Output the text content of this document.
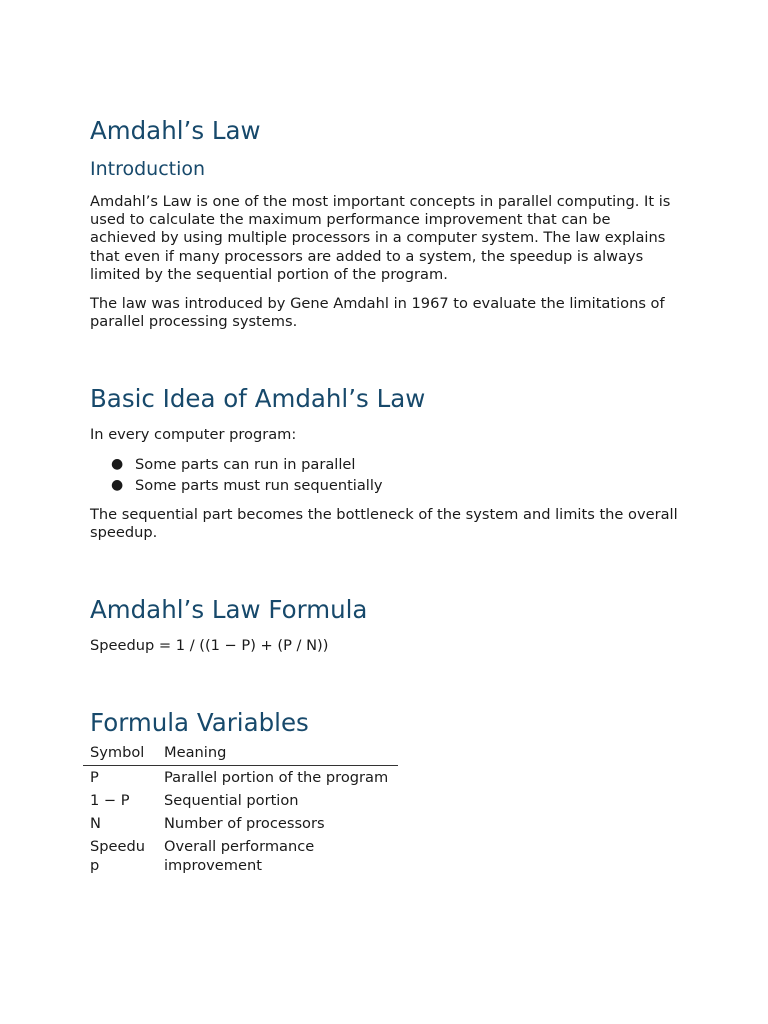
Amdahl’s Law
Introduction

Amdahl’s Law is one of the most important concepts in parallel computing. It is used to calculate the maximum performance improvement that can be achieved by using multiple processors in a computer system. The law explains that even if many processors are added to a system, the speedup is always limited by the sequential portion of the program.

The law was introduced by Gene Amdahl in 1967 to evaluate the limitations of parallel processing systems.

Basic Idea of Amdahl’s Law

In every computer program:

● Some parts can run in parallel
● Some parts must run sequentially

The sequential part becomes the bottleneck of the system and limits the overall speedup.

Amdahl’s Law Formula

Speedup = 1 / ((1 − P) + (P / N))

Formula Variables
Symbol	Meaning
P	Parallel portion of the program
1 − P	Sequential portion
N	Number of processors
Speedup	Overall performance improvement
